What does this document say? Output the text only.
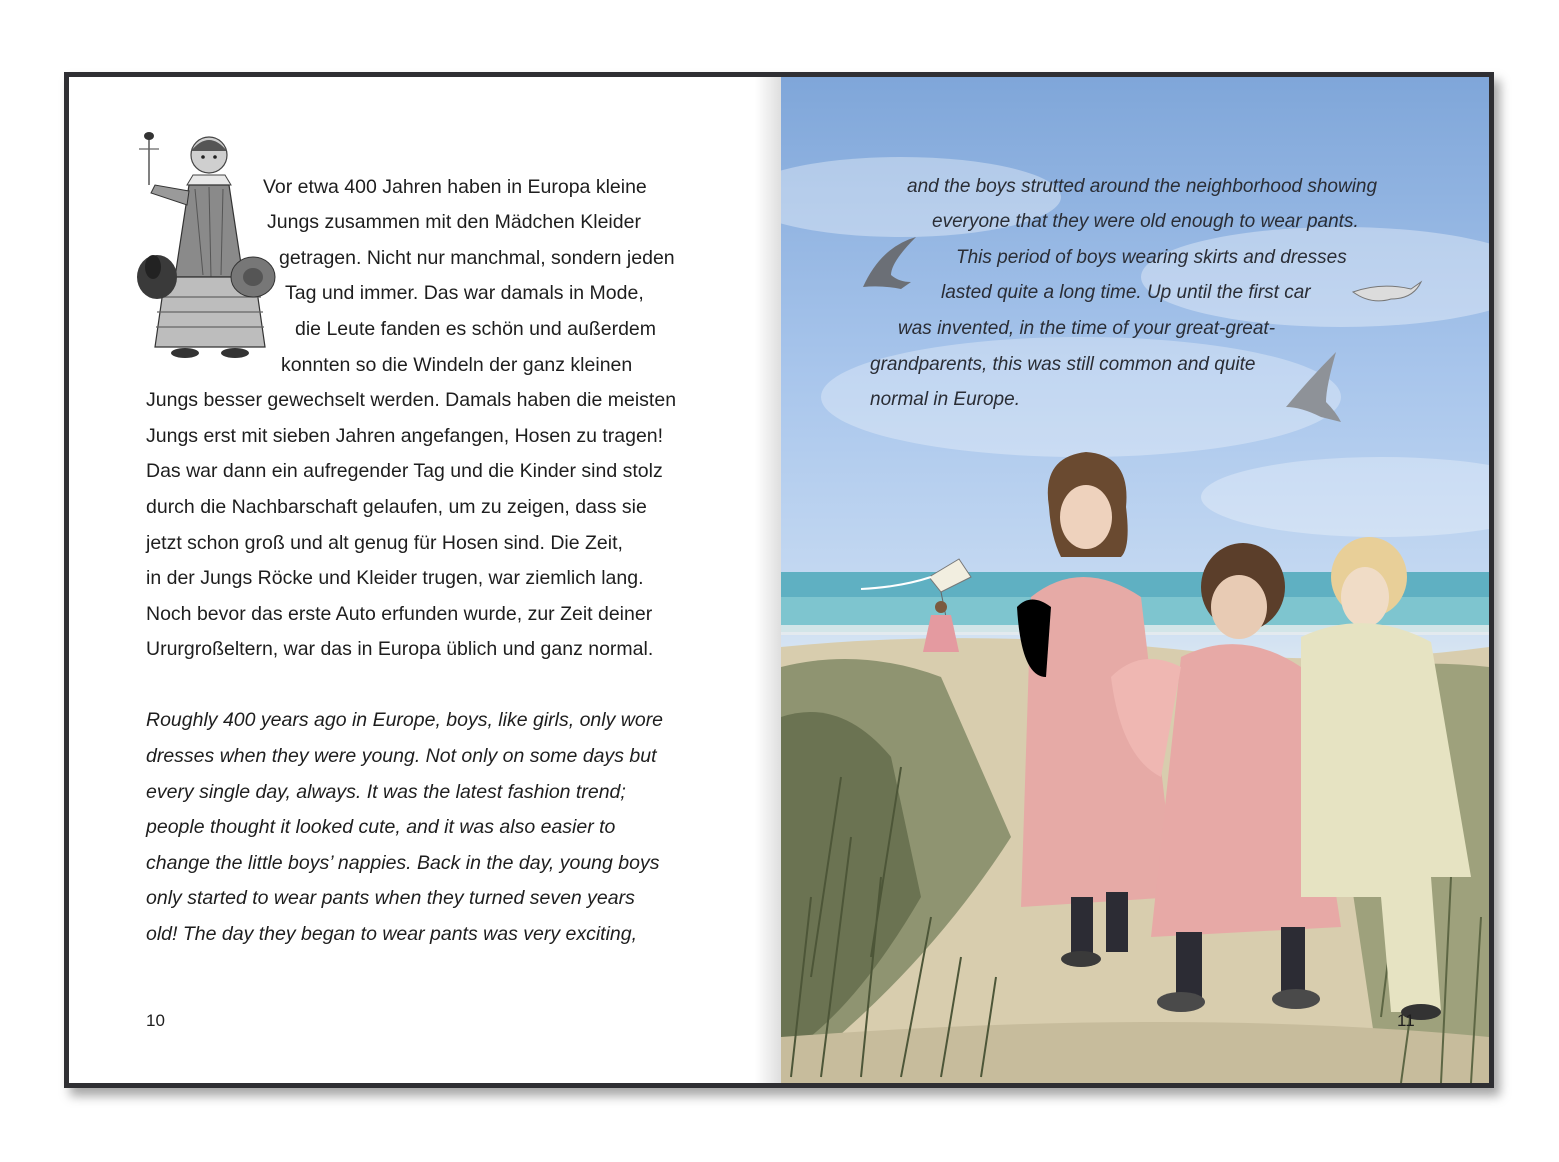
Vor etwa 400 Jahren haben in Europa kleine
Jungs zusammen mit den Mädchen Kleider
getragen. Nicht nur manchmal, sondern jeden
Tag und immer. Das war damals in Mode,
die Leute fanden es schön und außerdem
konnten so die Windeln der ganz kleinen
Jungs besser gewechselt werden. Damals haben die meisten
Jungs erst mit sieben Jahren angefangen, Hosen zu tragen!
Das war dann ein aufregender Tag und die Kinder sind stolz
durch die Nachbarschaft gelaufen, um zu zeigen, dass sie
jetzt schon groß und alt genug für Hosen sind. Die Zeit,
in der Jungs Röcke und Kleider trugen, war ziemlich lang.
Noch bevor das erste Auto erfunden wurde, zur Zeit deiner
Ururgroßeltern, war das in Europa üblich und ganz normal.
Roughly 400 years ago in Europe, boys, like girls, only wore
dresses when they were young. Not only on some days but
every single day, always. It was the latest fashion trend;
people thought it looked cute, and it was also easier to
change the little boys’ nappies. Back in the day, young boys
only started to wear pants when they turned seven years
old! The day they began to wear pants was very exciting,
10
and the boys strutted around the neighborhood showing
everyone that they were old enough to wear pants.
This period of boys wearing skirts and dresses
lasted quite a long time. Up until the first car
was invented, in the time of your great-great-
grandparents, this was still common and quite
normal in Europe.
11
